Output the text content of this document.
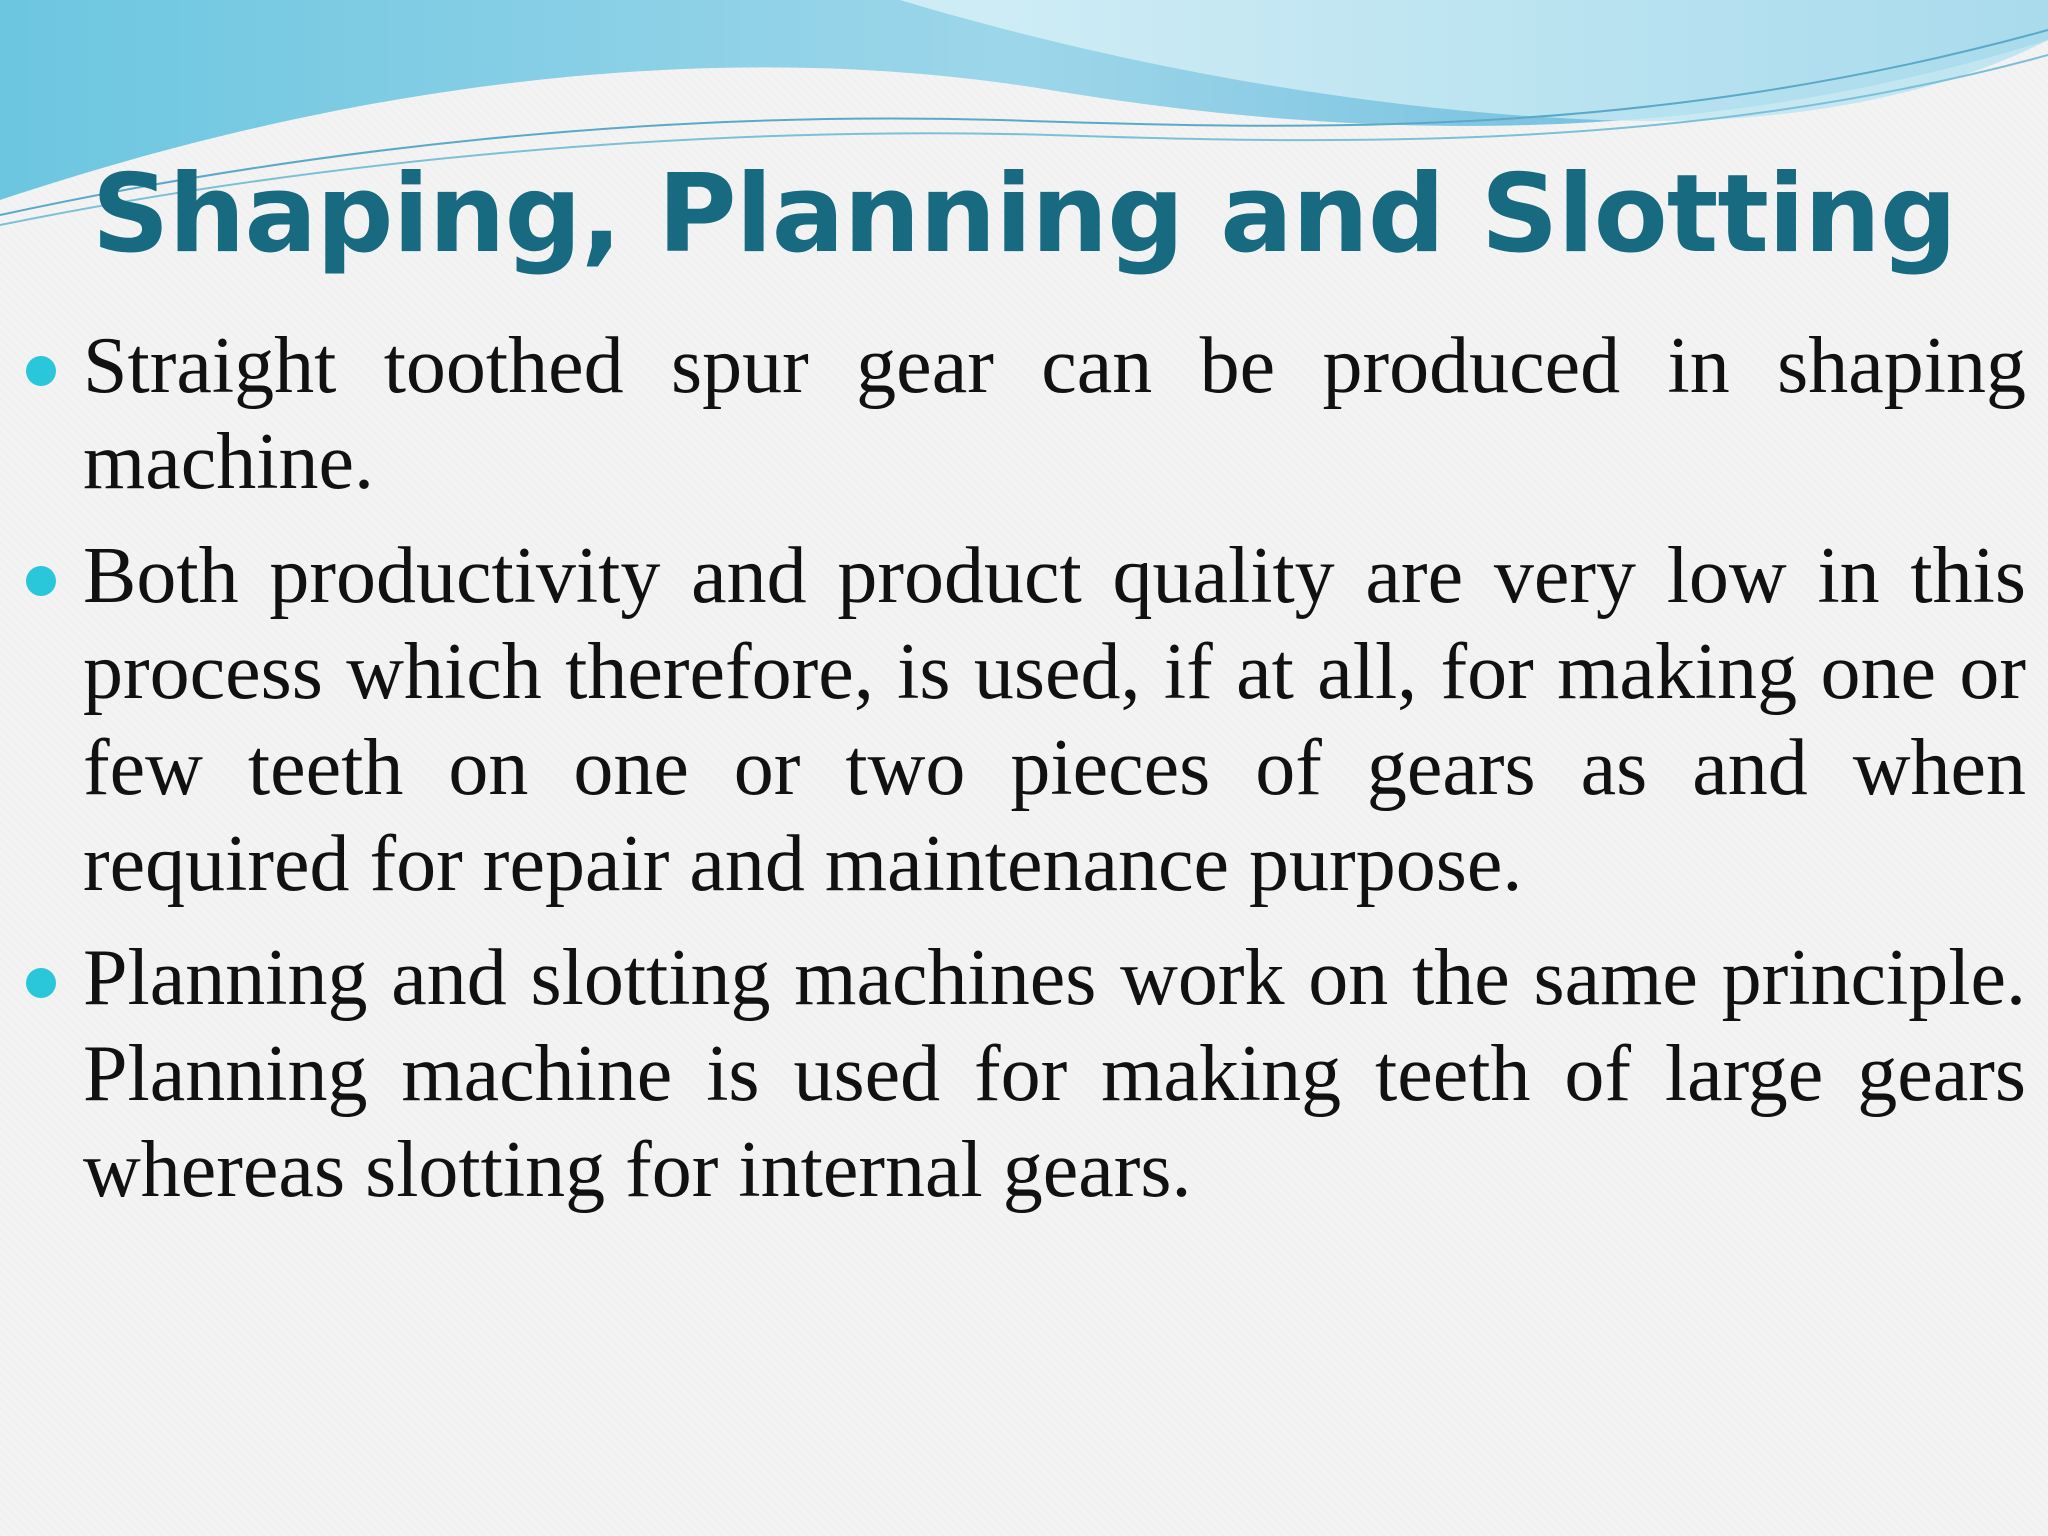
Shaping, Planning and Slotting
Straight toothed spur gear can be produced in shaping machine.
Both productivity and product quality are very low in this process which therefore, is used, if at all, for making one or few teeth on one or two pieces of gears as and when required for repair and maintenance purpose.
Planning and slotting machines work on the same principle. Planning machine is used for making teeth of large gears whereas slotting for internal gears.
